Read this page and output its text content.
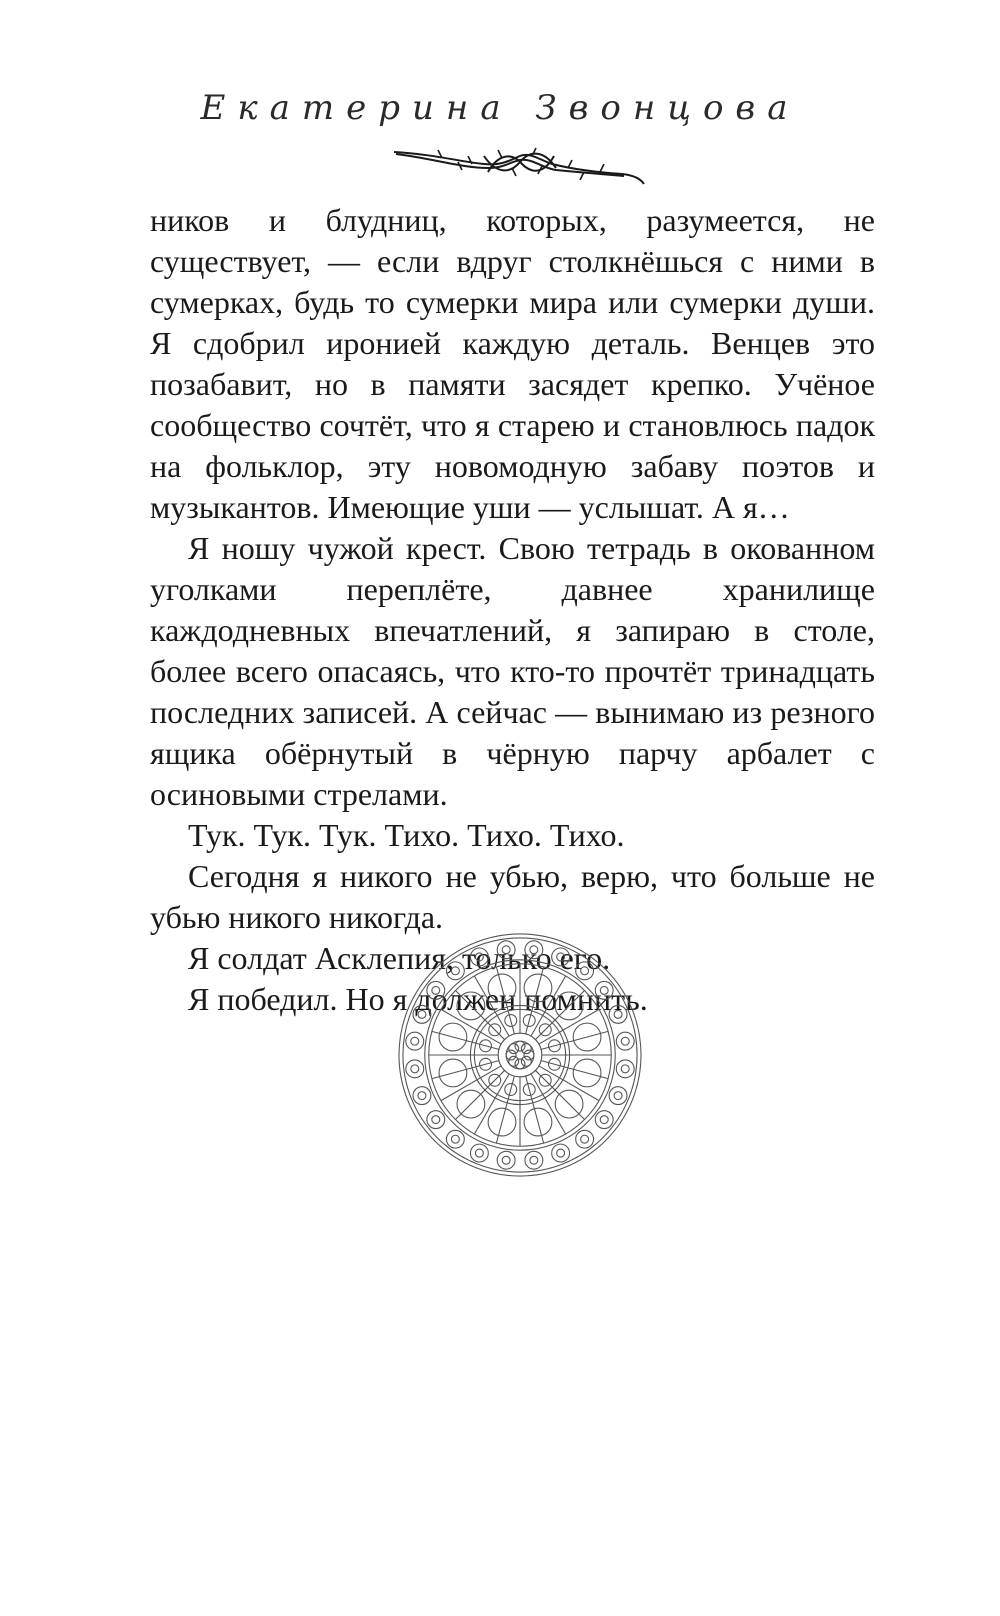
Екатерина Звонцова

ников и блудниц, которых, разумеется, не существует, — если вдруг столкнёшься с ними в сумерках, будь то сумерки мира или сумерки души. Я сдобрил иронией каждую деталь. Венцев это позабавит, но в памяти засядет крепко. Учёное сообщество сочтёт, что я старею и становлюсь падок на фольклор, эту новомодную забаву поэтов и музыкантов. Имеющие уши — услышат. А я…

Я ношу чужой крест. Свою тетрадь в окованном уголками переплёте, давнее хранилище каждодневных впечатлений, я запираю в столе, более всего опасаясь, что кто-то прочтёт тринадцать последних записей. А сейчас — вынимаю из резного ящика обёрнутый в чёрную парчу арбалет с осиновыми стрелами.

Тук. Тук. Тук. Тихо. Тихо. Тихо.

Сегодня я никого не убью, верю, что больше не убью никого никогда.

Я солдат Асклепия, только его.

Я победил. Но я должен помнить.
